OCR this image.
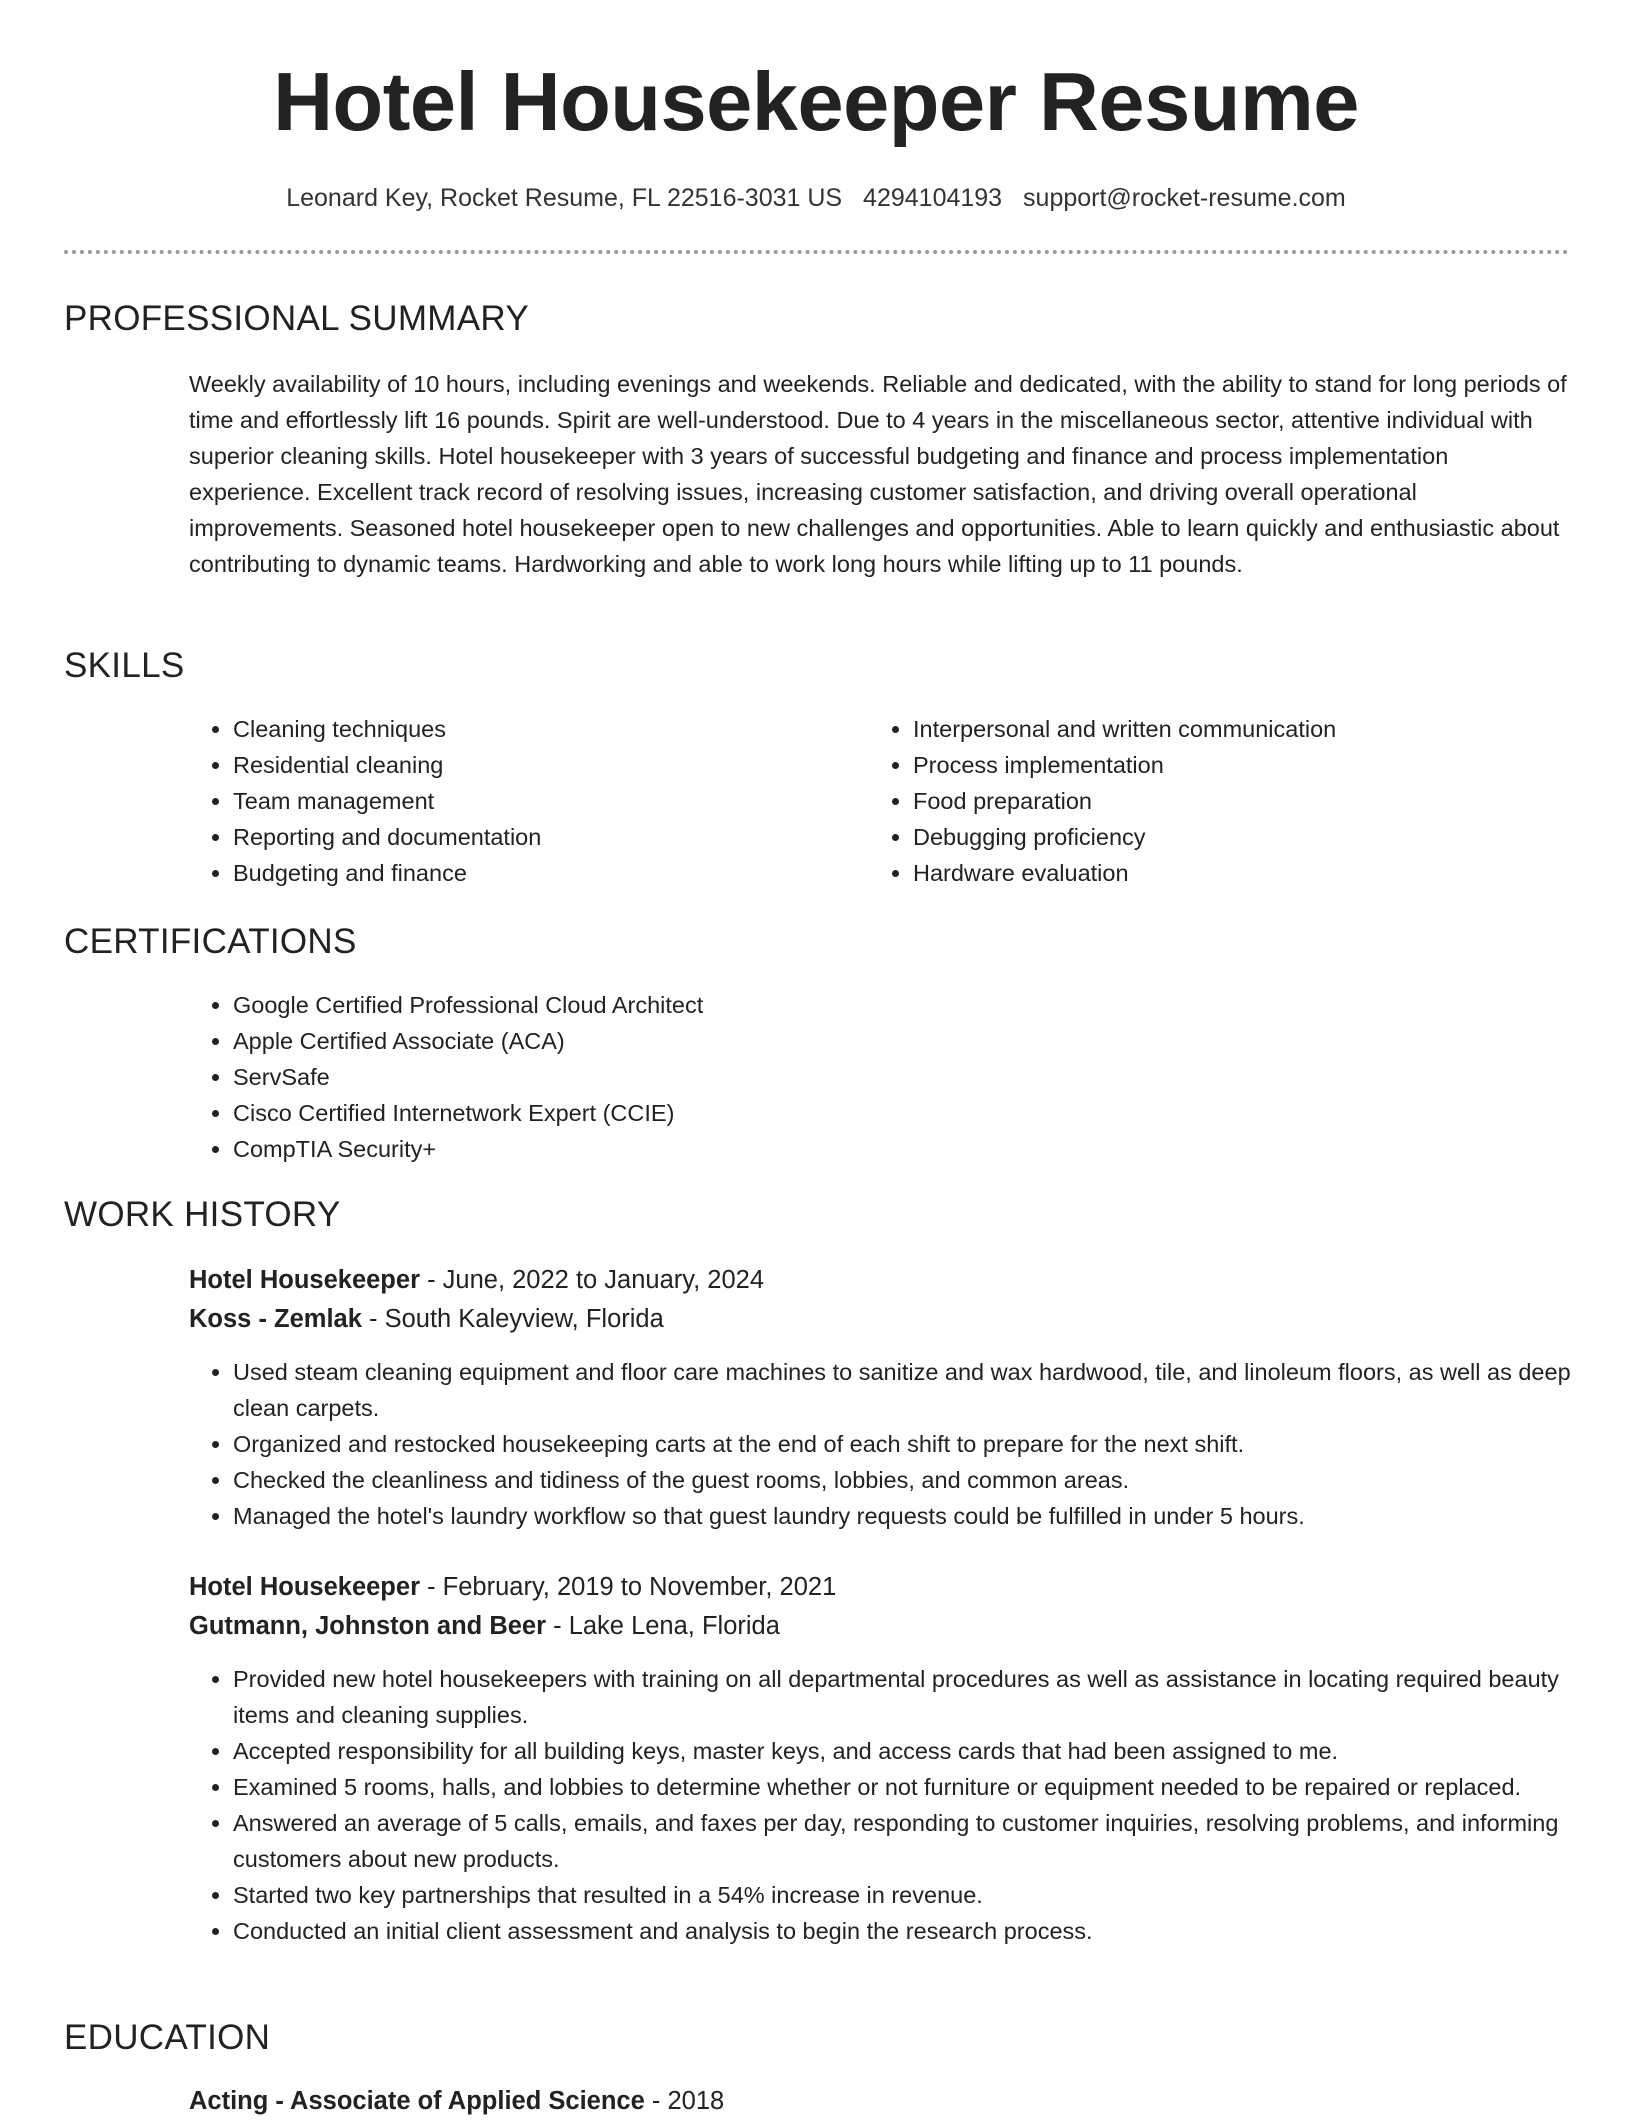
Hotel Housekeeper Resume
Leonard Key, Rocket Resume, FL 22516-3031 US 4294104193 support@rocket-resume.com
PROFESSIONAL SUMMARY
Weekly availability of 10 hours, including evenings and weekends. Reliable and dedicated, with the ability to stand for long periods of time and effortlessly lift 16 pounds. Spirit are well-understood. Due to 4 years in the miscellaneous sector, attentive individual with superior cleaning skills. Hotel housekeeper with 3 years of successful budgeting and finance and process implementation experience. Excellent track record of resolving issues, increasing customer satisfaction, and driving overall operational improvements. Seasoned hotel housekeeper open to new challenges and opportunities. Able to learn quickly and enthusiastic about contributing to dynamic teams. Hardworking and able to work long hours while lifting up to 11 pounds.
SKILLS
• Cleaning techniques
• Residential cleaning
• Team management
• Reporting and documentation
• Budgeting and finance
• Interpersonal and written communication
• Process implementation
• Food preparation
• Debugging proficiency
• Hardware evaluation
CERTIFICATIONS
• Google Certified Professional Cloud Architect
• Apple Certified Associate (ACA)
• ServSafe
• Cisco Certified Internetwork Expert (CCIE)
• CompTIA Security+
WORK HISTORY
Hotel Housekeeper - June, 2022 to January, 2024
Koss - Zemlak - South Kaleyview, Florida
• Used steam cleaning equipment and floor care machines to sanitize and wax hardwood, tile, and linoleum floors, as well as deep clean carpets.
• Organized and restocked housekeeping carts at the end of each shift to prepare for the next shift.
• Checked the cleanliness and tidiness of the guest rooms, lobbies, and common areas.
• Managed the hotel's laundry workflow so that guest laundry requests could be fulfilled in under 5 hours.
Hotel Housekeeper - February, 2019 to November, 2021
Gutmann, Johnston and Beer - Lake Lena, Florida
• Provided new hotel housekeepers with training on all departmental procedures as well as assistance in locating required beauty items and cleaning supplies.
• Accepted responsibility for all building keys, master keys, and access cards that had been assigned to me.
• Examined 5 rooms, halls, and lobbies to determine whether or not furniture or equipment needed to be repaired or replaced.
• Answered an average of 5 calls, emails, and faxes per day, responding to customer inquiries, resolving problems, and informing customers about new products.
• Started two key partnerships that resulted in a 54% increase in revenue.
• Conducted an initial client assessment and analysis to begin the research process.
EDUCATION
Acting - Associate of Applied Science - 2018
